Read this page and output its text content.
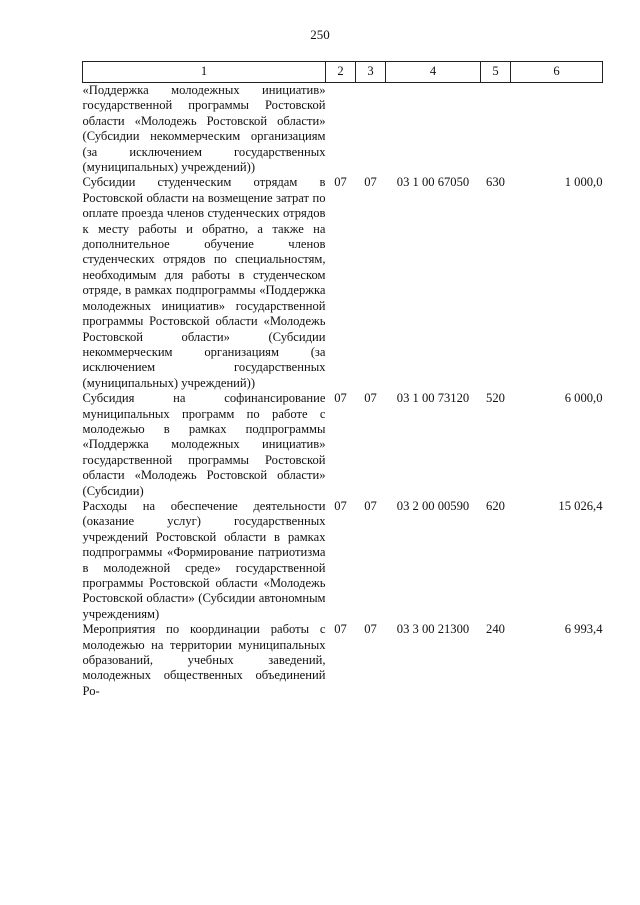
250
1	2	3	4	5	6
«Поддержка молодежных инициатив» государственной программы Ростовской области «Молодежь Ростовской области» (Субсидии некоммерческим организациям (за исключением государственных (муниципальных) учреждений))					
Субсидии студенческим отрядам в Ростовской области на возмещение затрат по оплате проезда членов студенческих отрядов к месту работы и обратно, а также на дополнительное обучение членов студенческих отрядов по специальностям, необходимым для работы в студенческом отряде, в рамках подпрограммы «Поддержка молодежных инициатив» государственной программы Ростовской области «Молодежь Ростовской области» (Субсидии некоммерческим организациям (за исключением государственных (муниципальных) учреждений))	07	07	03 1 00 67050	630	1 000,0
Субсидия на софинансирование муниципальных программ по работе с молодежью в рамках подпрограммы «Поддержка молодежных инициатив» государственной программы Ростовской области «Молодежь Ростовской области» (Субсидии)	07	07	03 1 00 73120	520	6 000,0
Расходы на обеспечение деятельности (оказание услуг) государственных учреждений Ростовской области в рамках подпрограммы «Формирование патриотизма в молодежной среде» государственной программы Ростовской области «Молодежь Ростовской области» (Субсидии автономным учреждениям)	07	07	03 2 00 00590	620	15 026,4
Мероприятия по координации работы с молодежью на территории муниципальных образований, учебных заведений, молодежных общественных объединений Ро-	07	07	03 3 00 21300	240	6 993,4
